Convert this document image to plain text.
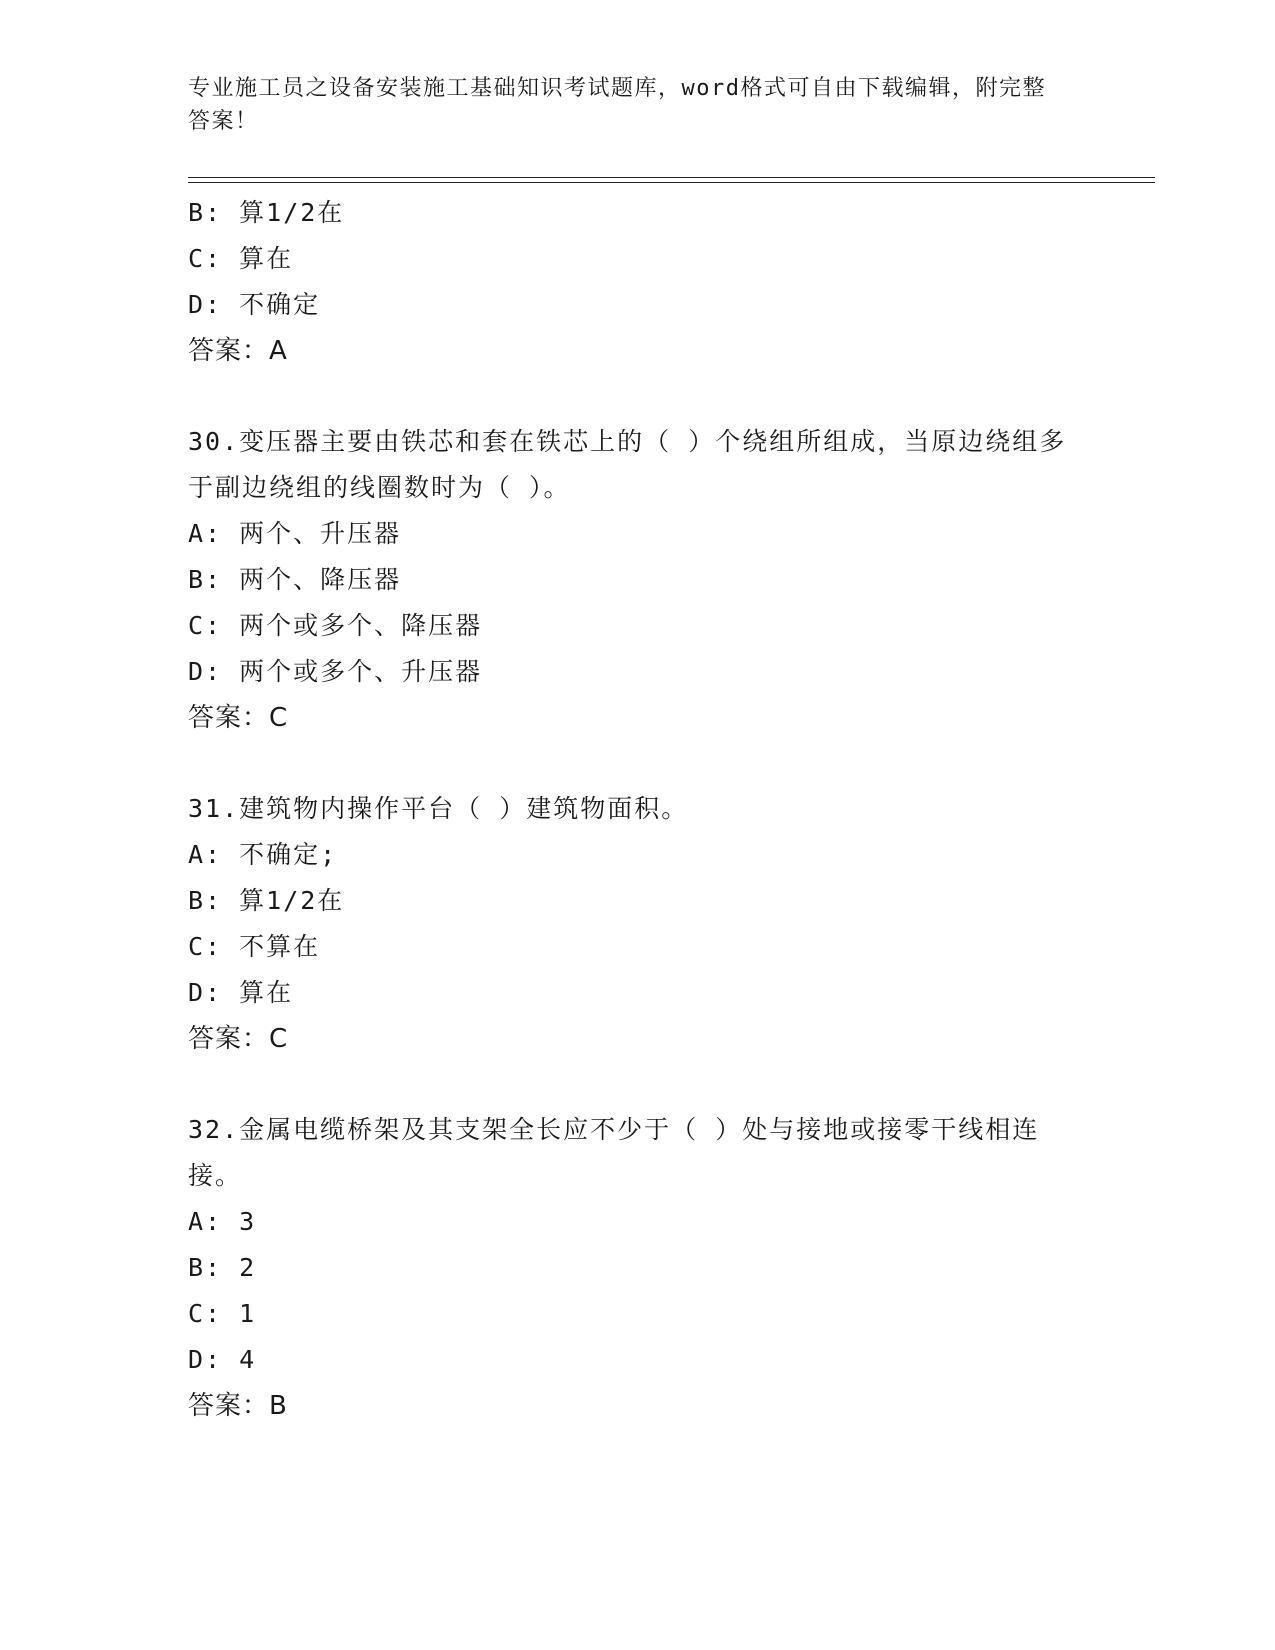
专业施工员之设备安装施工基础知识考试题库，word格式可自由下载编辑，附完整答案！
B: 算1/2在
C: 算在
D: 不确定
答案：A
30.变压器主要由铁芯和套在铁芯上的（ ）个绕组所组成，当原边绕组多于副边绕组的线圈数时为（ ）。
A: 两个、升压器
B: 两个、降压器
C: 两个或多个、降压器
D: 两个或多个、升压器
答案：C
31.建筑物内操作平台（ ）建筑物面积。
A: 不确定;
B: 算1/2在
C: 不算在
D: 算在
答案：C
32.金属电缆桥架及其支架全长应不少于（ ）处与接地或接零干线相连接。
A: 3
B: 2
C: 1
D: 4
答案：B
